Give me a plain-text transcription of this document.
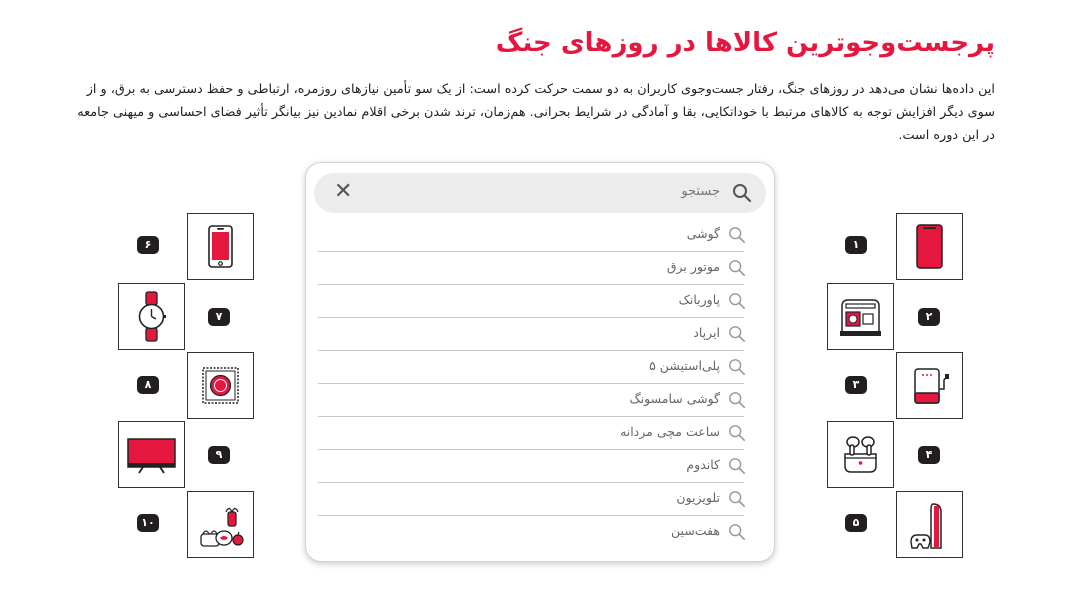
پرجست‌وجوترین کالاها در روزهای جنگ

این داده‌ها نشان می‌دهد در روزهای جنگ، رفتار جست‌وجوی کاربران به دو سمت حرکت کرده است: از یک سو تأمین نیازهای روزمره، ارتباطی و حفظ دسترسی به برق، و از سوی دیگر افزایش توجه به کالاهای مرتبط با خوداتکایی، بقا و آمادگی در شرایط بحرانی. هم‌زمان، ترند شدن برخی اقلام نمادین نیز بیانگر تأثیر فضای احساسی و میهنی جامعه در این دوره است.

جستجو
✕
گوشی
موتور برق
پاوربانک
ایرپاد
پلی‌استیشن ۵
گوشی سامسونگ
ساعت مچی مردانه
کاندوم
تلویزیون
هفت‌سین
۱
۲
۳
۴
۵
۶
۷
۸
۹
۱۰
